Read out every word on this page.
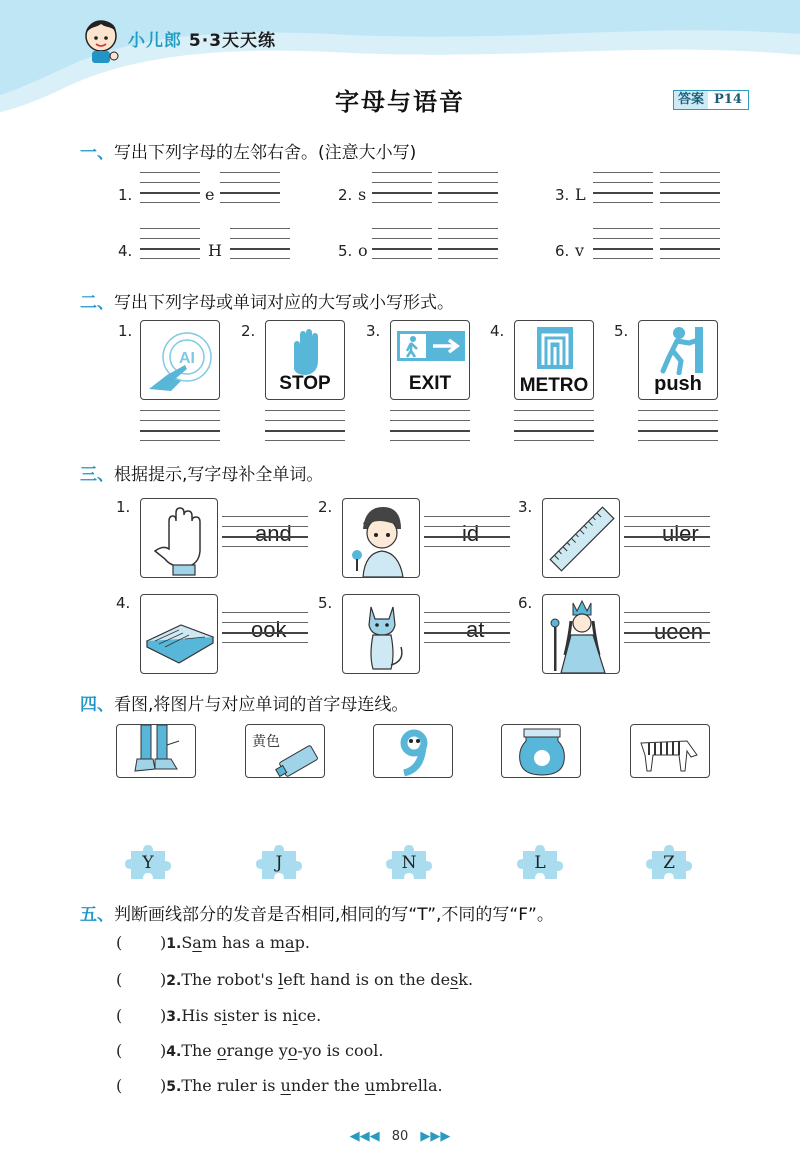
小儿郎 5·3天天练
字母与语音	答案 P14
一、写出下列字母的左邻右舍。(注意大小写)
1.	e	2. s	3. L
4.	H	5. o	6. v
二、写出下列字母或单词对应的大写或小写形式。
1.
AI
2.
STOP
3.
EXIT
4.
METRO
5.
push
三、根据提示,写字母补全单词。
1.
and
2.
id
3.
uler
4.
ook
5.
at
6.
ueen
四、看图,将图片与对应单词的首字母连线。
黄色
Y	J	N	L	Z
五、判断画线部分的发音是否相同,相同的写“T”,不同的写“F”。
( )1.Sam has a map.
( )2.The robot's left hand is on the desk.
( )3.His sister is nice.
( )4.The orange yo-yo is cool.
( )5.The ruler is under the umbrella.
◀◀◀ 80 ▶▶▶
